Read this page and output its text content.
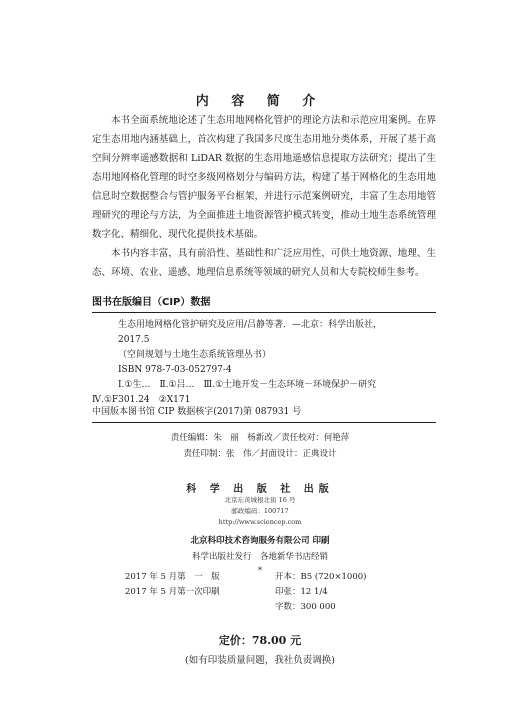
内 容 简 介

本书全面系统地论述了生态用地网格化管护的理论方法和示范应用案例。在界定生态用地内涵基础上，首次构建了我国多尺度生态用地分类体系，开展了基于高空间分辨率遥感数据和 LiDAR 数据的生态用地遥感信息提取方法研究；提出了生态用地网格化管理的时空多级网格划分与编码方法，构建了基于网格化的生态用地信息时空数据整合与管护服务平台框架，并进行示范案例研究，丰富了生态用地管理研究的理论与方法，为全面推进土地资源管护模式转变，推动土地生态系统管理数字化、精细化、现代化提供技术基础。

本书内容丰富，具有前沿性、基础性和广泛应用性，可供土地资源、地理、生态、环境、农业、遥感、地理信息系统等领域的研究人员和大专院校师生参考。

图书在版编目（CIP）数据
生态用地网格化管护研究及应用/吕静等著．—北京：科学出版社，
2017.5
（空间规划与土地生态系统管理丛书）
ISBN 978-7-03-052797-4
Ⅰ.①生…　Ⅱ.①吕…　Ⅲ.①土地开发－生态环境－环境保护－研究
Ⅳ.①F301.24　②X171
中国版本图书馆 CIP 数据核字(2017)第 087931 号
责任编辑：朱　丽　杨新改／责任校对：何艳萍
责任印制：张　伟／封面设计：正典设计
科 学 出 版 社 出版
北京东黄城根北街 16 号
邮政编码：100717
http://www.sciencep.com
北京科印技术咨询服务有限公司 印刷
科学出版社发行　各地新华书店经销
*
2017 年 5 月第　一　版	开本：B5 (720×1000)
2017 年 5 月第一次印刷	印张：12 1/4
字数：300 000
定价：78.00 元
(如有印装质量问题，我社负责调换)
